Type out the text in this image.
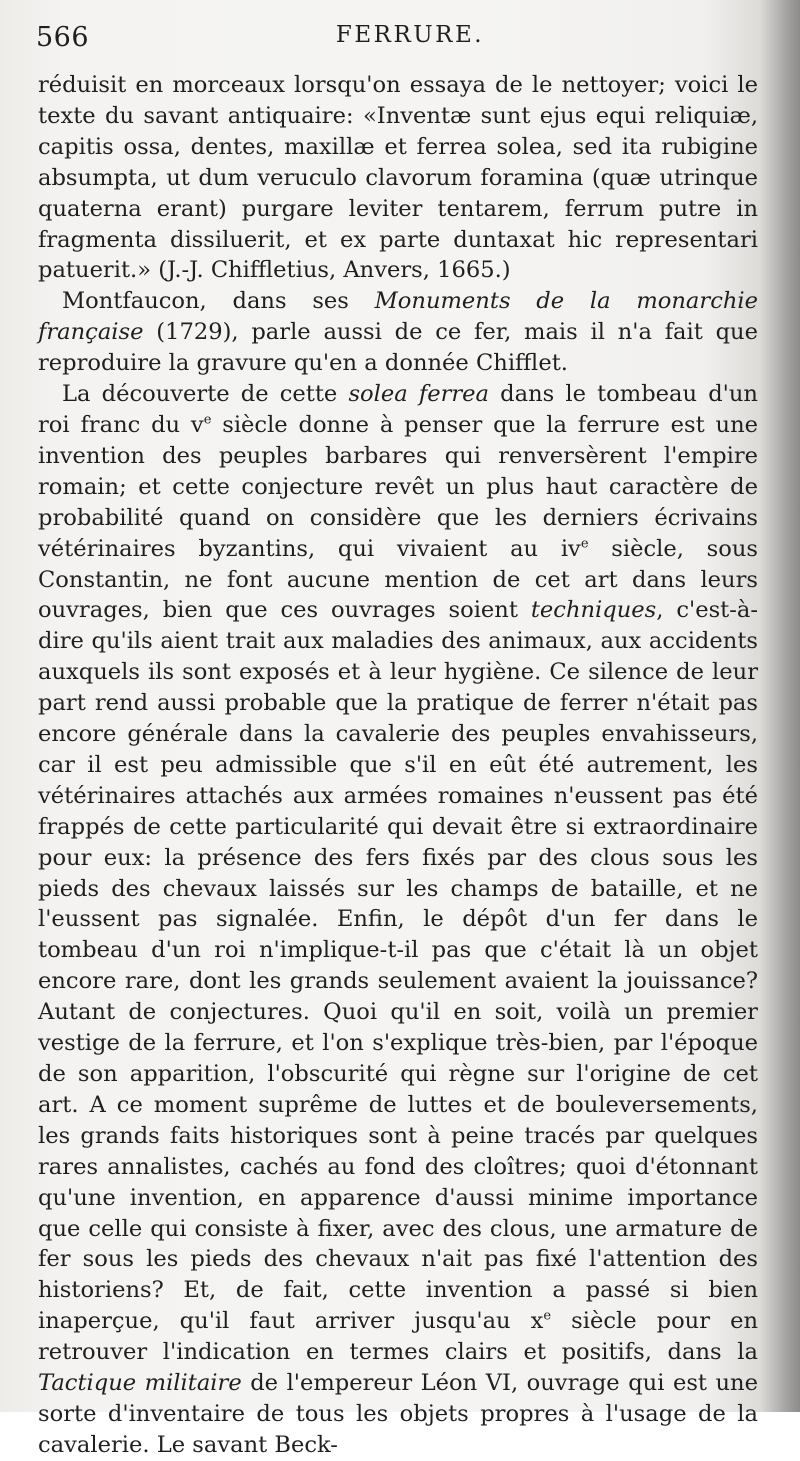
566	FERRURE.

réduisit en morceaux lorsqu'on essaya de le nettoyer; voici le texte du savant antiquaire: «Inventæ sunt ejus equi reliquiæ, capitis ossa, dentes, maxillæ et ferrea solea, sed ita rubigine absumpta, ut dum veruculo clavorum foramina (quæ utrinque quaterna erant) purgare leviter tentarem, ferrum putre in fragmenta dissiluerit, et ex parte duntaxat hic representari patuerit.» (J.-J. Chiffletius, Anvers, 1665.)

Montfaucon, dans ses Monuments de la monarchie française (1729), parle aussi de ce fer, mais il n'a fait que reproduire la gravure qu'en a donnée Chifflet.

La découverte de cette solea ferrea dans le tombeau d'un roi franc du $v^e$ siècle donne à penser que la ferrure est une invention des peuples barbares qui renversèrent l'empire romain; et cette conjecture revêt un plus haut caractère de probabilité quand on considère que les derniers écrivains vétérinaires byzantins, qui vivaient au $iv^e$ siècle, sous Constantin, ne font aucune mention de cet art dans leurs ouvrages, bien que ces ouvrages soient techniques, c'est-à-dire qu'ils aient trait aux maladies des animaux, aux accidents auxquels ils sont exposés et à leur hygiène. Ce silence de leur part rend aussi probable que la pratique de ferrer n'était pas encore générale dans la cavalerie des peuples envahisseurs, car il est peu admissible que s'il en eût été autrement, les vétérinaires attachés aux armées romaines n'eussent pas été frappés de cette particularité qui devait être si extraordinaire pour eux: la présence des fers fixés par des clous sous les pieds des chevaux laissés sur les champs de bataille, et ne l'eussent pas signalée. Enfin, le dépôt d'un fer dans le tombeau d'un roi n'implique-t-il pas que c'était là un objet encore rare, dont les grands seulement avaient la jouissance? Autant de conjectures. Quoi qu'il en soit, voilà un premier vestige de la ferrure, et l'on s'explique très-bien, par l'époque de son apparition, l'obscurité qui règne sur l'origine de cet art. A ce moment suprême de luttes et de bouleversements, les grands faits historiques sont à peine tracés par quelques rares annalistes, cachés au fond des cloîtres; quoi d'étonnant qu'une invention, en apparence d'aussi minime importance que celle qui consiste à fixer, avec des clous, une armature de fer sous les pieds des chevaux n'ait pas fixé l'attention des historiens? Et, de fait, cette invention a passé si bien inaperçue, qu'il faut arriver jusqu'au $x^e$ siècle pour en retrouver l'indication en termes clairs et positifs, dans la Tactique militaire de l'empereur Léon VI, ouvrage qui est une sorte d'inventaire de tous les objets propres à l'usage de la cavalerie. Le savant Beck-
